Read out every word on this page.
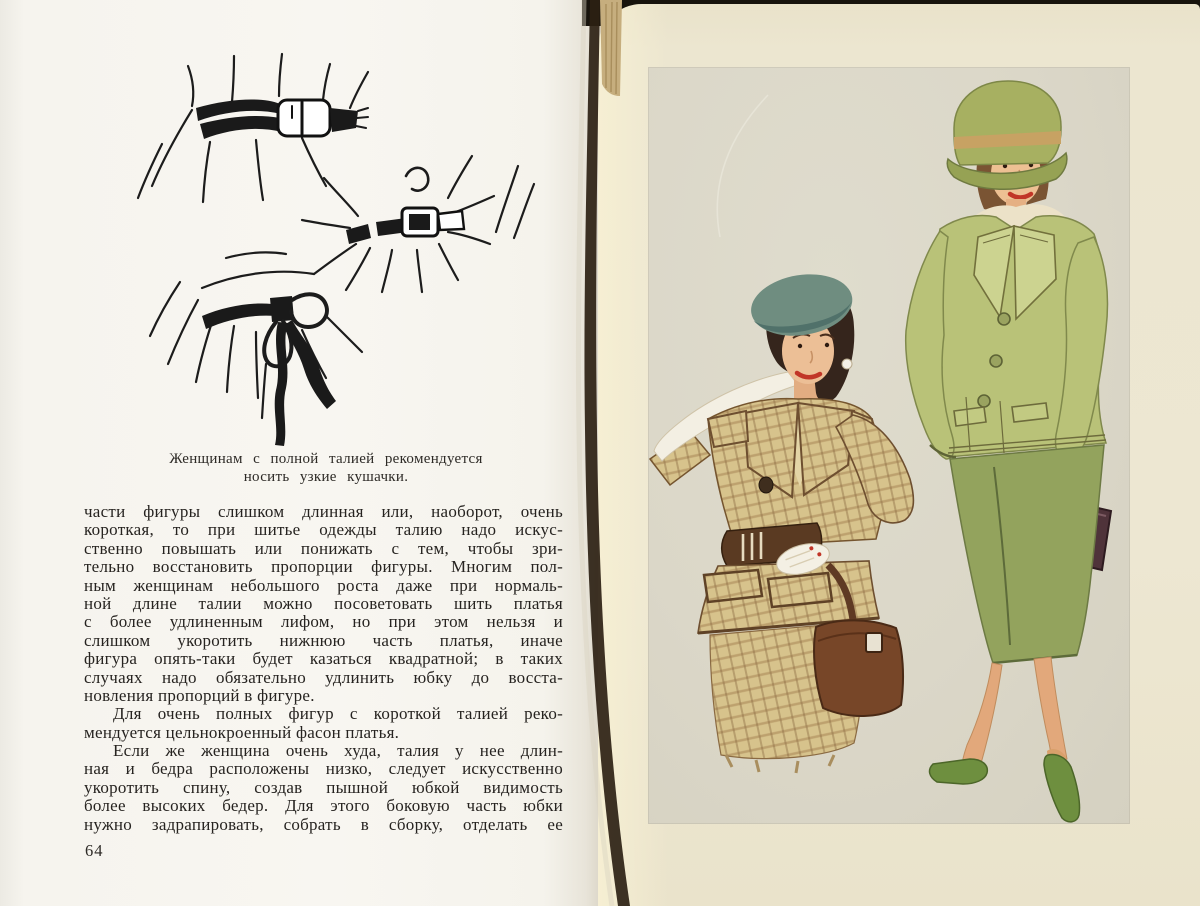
Женщинам с полной талией рекомендуется
носить узкие кушачки.
части фигуры слишком длинная или, наоборот, очень
короткая, то при шитье одежды талию надо искус-
ственно повышать или понижать с тем, чтобы зри-
тельно восстановить пропорции фигуры. Многим пол-
ным женщинам небольшого роста даже при нормаль-
ной длине талии можно посоветовать шить платья
с более удлиненным лифом, но при этом нельзя и
слишком укоротить нижнюю часть платья, иначе
фигура опять-таки будет казаться квадратной; в таких
случаях надо обязательно удлинить юбку до восста-
новления пропорций в фигуре.
Для очень полных фигур с короткой талией реко-
мендуется цельнокроенный фасон платья.
Если же женщина очень худа, талия у нее длин-
ная и бедра расположены низко, следует искусственно
укоротить спину, создав пышной юбкой видимость
более высоких бедер. Для этого боковую часть юбки
нужно задрапировать, собрать в сборку, отделать ее
64
